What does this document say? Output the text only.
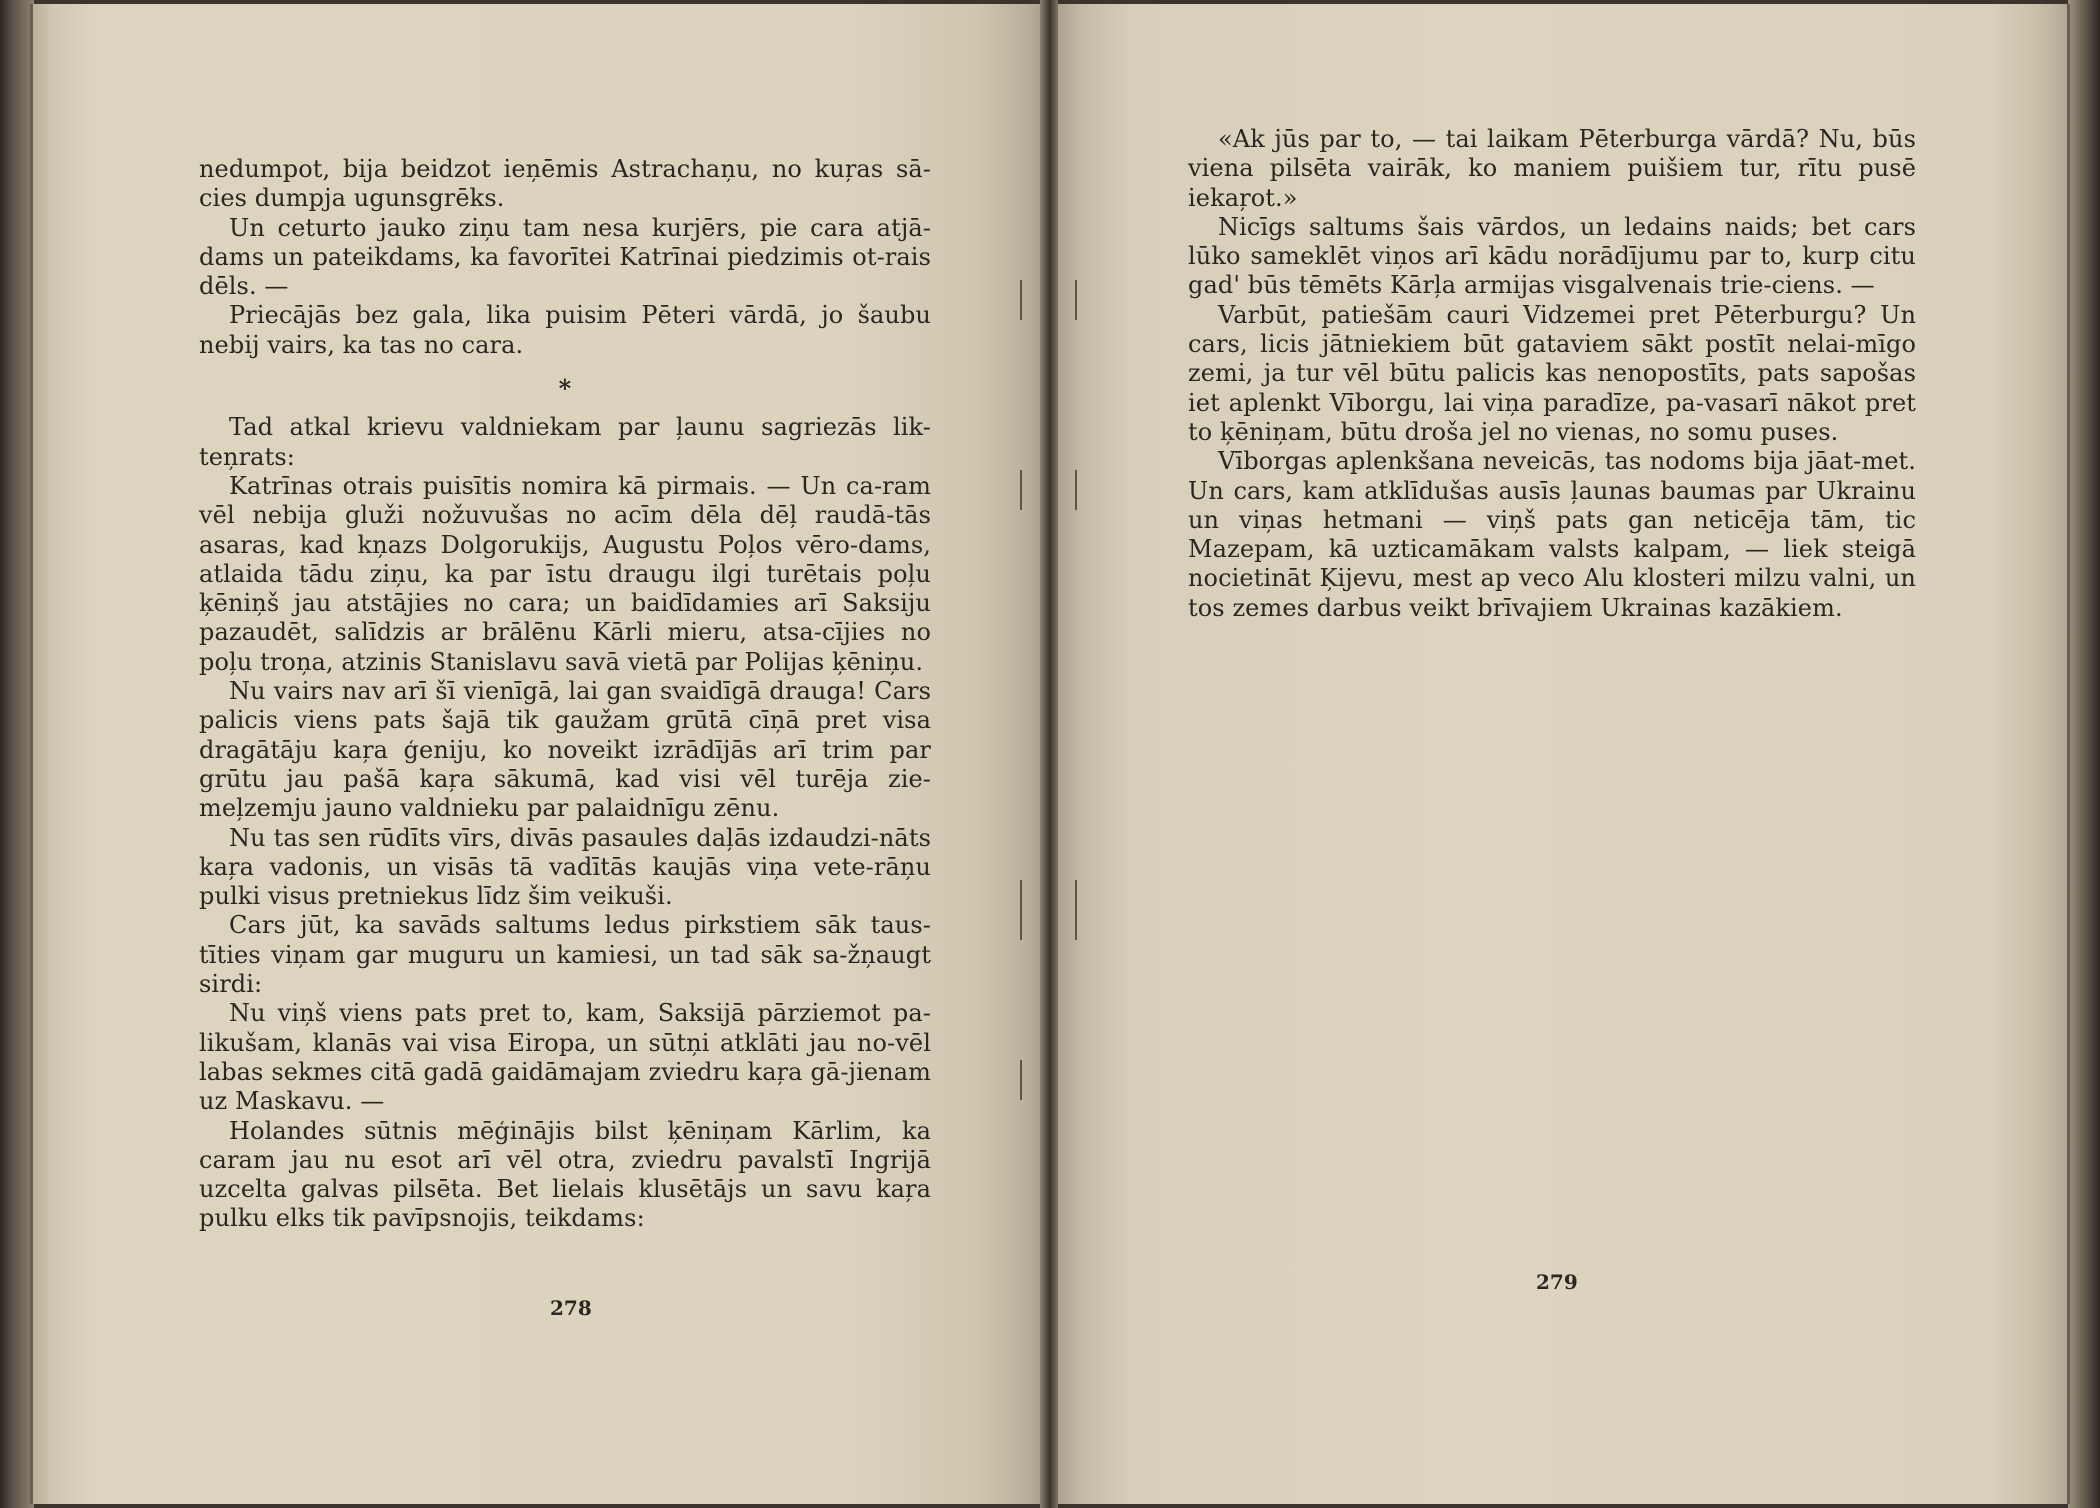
nedumpot, bija beidzot ieņēmis Astrachaņu, no kuŗas sā-cies dumpja ugunsgrēks.

Un ceturto jauko ziņu tam nesa kurjērs, pie cara atjā-dams un pateikdams, ka favorītei Katrīnai piedzimis ot-rais dēls. —

Priecājās bez gala, lika puisim Pēteri vārdā, jo šaubu nebij vairs, ka tas no cara.

*

Tad atkal krievu valdniekam par ļaunu sagriezās lik-teņrats:

Katrīnas otrais puisītis nomira kā pirmais. — Un ca-ram vēl nebija gluži nožuvušas no acīm dēla dēļ raudā-tās asaras, kad kņazs Dolgorukijs, Augustu Poļos vēro-dams, atlaida tādu ziņu, ka par īstu draugu ilgi turētais poļu ķēniņš jau atstājies no cara; un baidīdamies arī Saksiju pazaudēt, salīdzis ar brālēnu Kārli mieru, atsa-cījies no poļu troņa, atzinis Stanislavu savā vietā par Polijas ķēniņu.

Nu vairs nav arī šī vienīgā, lai gan svaidīgā drauga! Cars palicis viens pats šajā tik gaužam grūtā cīņā pret visa dragātāju kaŗa ģeniju, ko noveikt izrādījās arī trim par grūtu jau pašā kaŗa sākumā, kad visi vēl turēja zie-meļzemju jauno valdnieku par palaidnīgu zēnu.

Nu tas sen rūdīts vīrs, divās pasaules daļās izdaudzi-nāts kaŗa vadonis, un visās tā vadītās kaujās viņa vete-rāņu pulki visus pretniekus līdz šim veikuši.

Cars jūt, ka savāds saltums ledus pirkstiem sāk taus-tīties viņam gar muguru un kamiesi, un tad sāk sa-žņaugt sirdi:

Nu viņš viens pats pret to, kam, Saksijā pārziemot pa-likušam, klanās vai visa Eiropa, un sūtņi atklāti jau no-vēl labas sekmes citā gadā gaidāmajam zviedru kaŗa gā-jienam uz Maskavu. —

Holandes sūtnis mēģinājis bilst ķēniņam Kārlim, ka caram jau nu esot arī vēl otra, zviedru pavalstī Ingrijā uzcelta galvas pilsēta. Bet lielais klusētājs un savu kaŗa pulku elks tik pavīpsnojis, teikdams:

278

«Ak jūs par to, — tai laikam Pēterburga vārdā? Nu, būs viena pilsēta vairāk, ko maniem puišiem tur, rītu pusē iekaŗot.»

Nicīgs saltums šais vārdos, un ledains naids; bet cars lūko sameklēt viņos arī kādu norādījumu par to, kurp citu gad' būs tēmēts Kārļa armijas visgalvenais trie-ciens. —

Varbūt, patiešām cauri Vidzemei pret Pēterburgu? Un cars, licis jātniekiem būt gataviem sākt postīt nelai-mīgo zemi, ja tur vēl būtu palicis kas nenopostīts, pats sapošas iet aplenkt Vīborgu, lai viņa paradīze, pa-vasarī nākot pret to ķēniņam, būtu droša jel no vienas, no somu puses.

Vīborgas aplenkšana neveicās, tas nodoms bija jāat-met. Un cars, kam atklīdušas ausīs ļaunas baumas par Ukrainu un viņas hetmani — viņš pats gan neticēja tām, tic Mazepam, kā uzticamākam valsts kalpam, — liek steigā nocietināt Ķijevu, mest ap veco Alu klosteri milzu valni, un tos zemes darbus veikt brīvajiem Ukrainas kazākiem.

279
